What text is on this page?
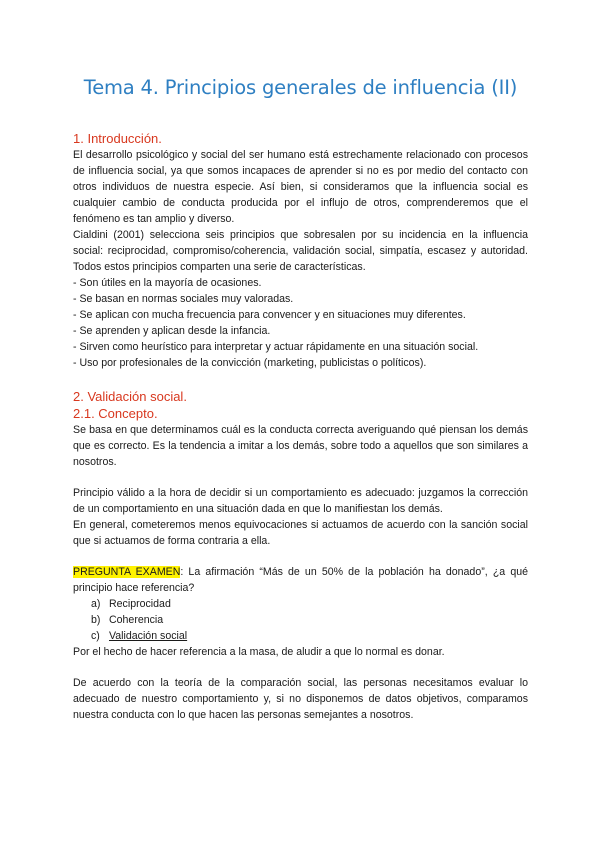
Tema 4. Principios generales de influencia (II)
1. Introducción.

El desarrollo psicológico y social del ser humano está estrechamente relacionado con procesos de influencia social, ya que somos incapaces de aprender si no es por medio del contacto con otros individuos de nuestra especie. Así bien, si consideramos que la influencia social es cualquier cambio de conducta producida por el influjo de otros, comprenderemos que el fenómeno es tan amplio y diverso.

Cialdini (2001) selecciona seis principios que sobresalen por su incidencia en la influencia social: reciprocidad, compromiso/coherencia, validación social, simpatía, escasez y autoridad. Todos estos principios comparten una serie de características.

- Son útiles en la mayoría de ocasiones.
- Se basan en normas sociales muy valoradas.
- Se aplican con mucha frecuencia para convencer y en situaciones muy diferentes.
- Se aprenden y aplican desde la infancia.
- Sirven como heurístico para interpretar y actuar rápidamente en una situación social.
- Uso por profesionales de la convicción (marketing, publicistas o políticos).
2. Validación social.
2.1. Concepto.

Se basa en que determinamos cuál es la conducta correcta averiguando qué piensan los demás que es correcto. Es la tendencia a imitar a los demás, sobre todo a aquellos que son similares a nosotros.

Principio válido a la hora de decidir si un comportamiento es adecuado: juzgamos la corrección de un comportamiento en una situación dada en que lo manifiestan los demás.

En general, cometeremos menos equivocaciones si actuamos de acuerdo con la sanción social que si actuamos de forma contraria a ella.

PREGUNTA EXAMEN: La afirmación “Más de un 50% de la población ha donado”, ¿a qué principio hace referencia?

a) Reciprocidad
b) Coherencia
c) Validación social

Por el hecho de hacer referencia a la masa, de aludir a que lo normal es donar.

De acuerdo con la teoría de la comparación social, las personas necesitamos evaluar lo adecuado de nuestro comportamiento y, si no disponemos de datos objetivos, comparamos nuestra conducta con lo que hacen las personas semejantes a nosotros.
